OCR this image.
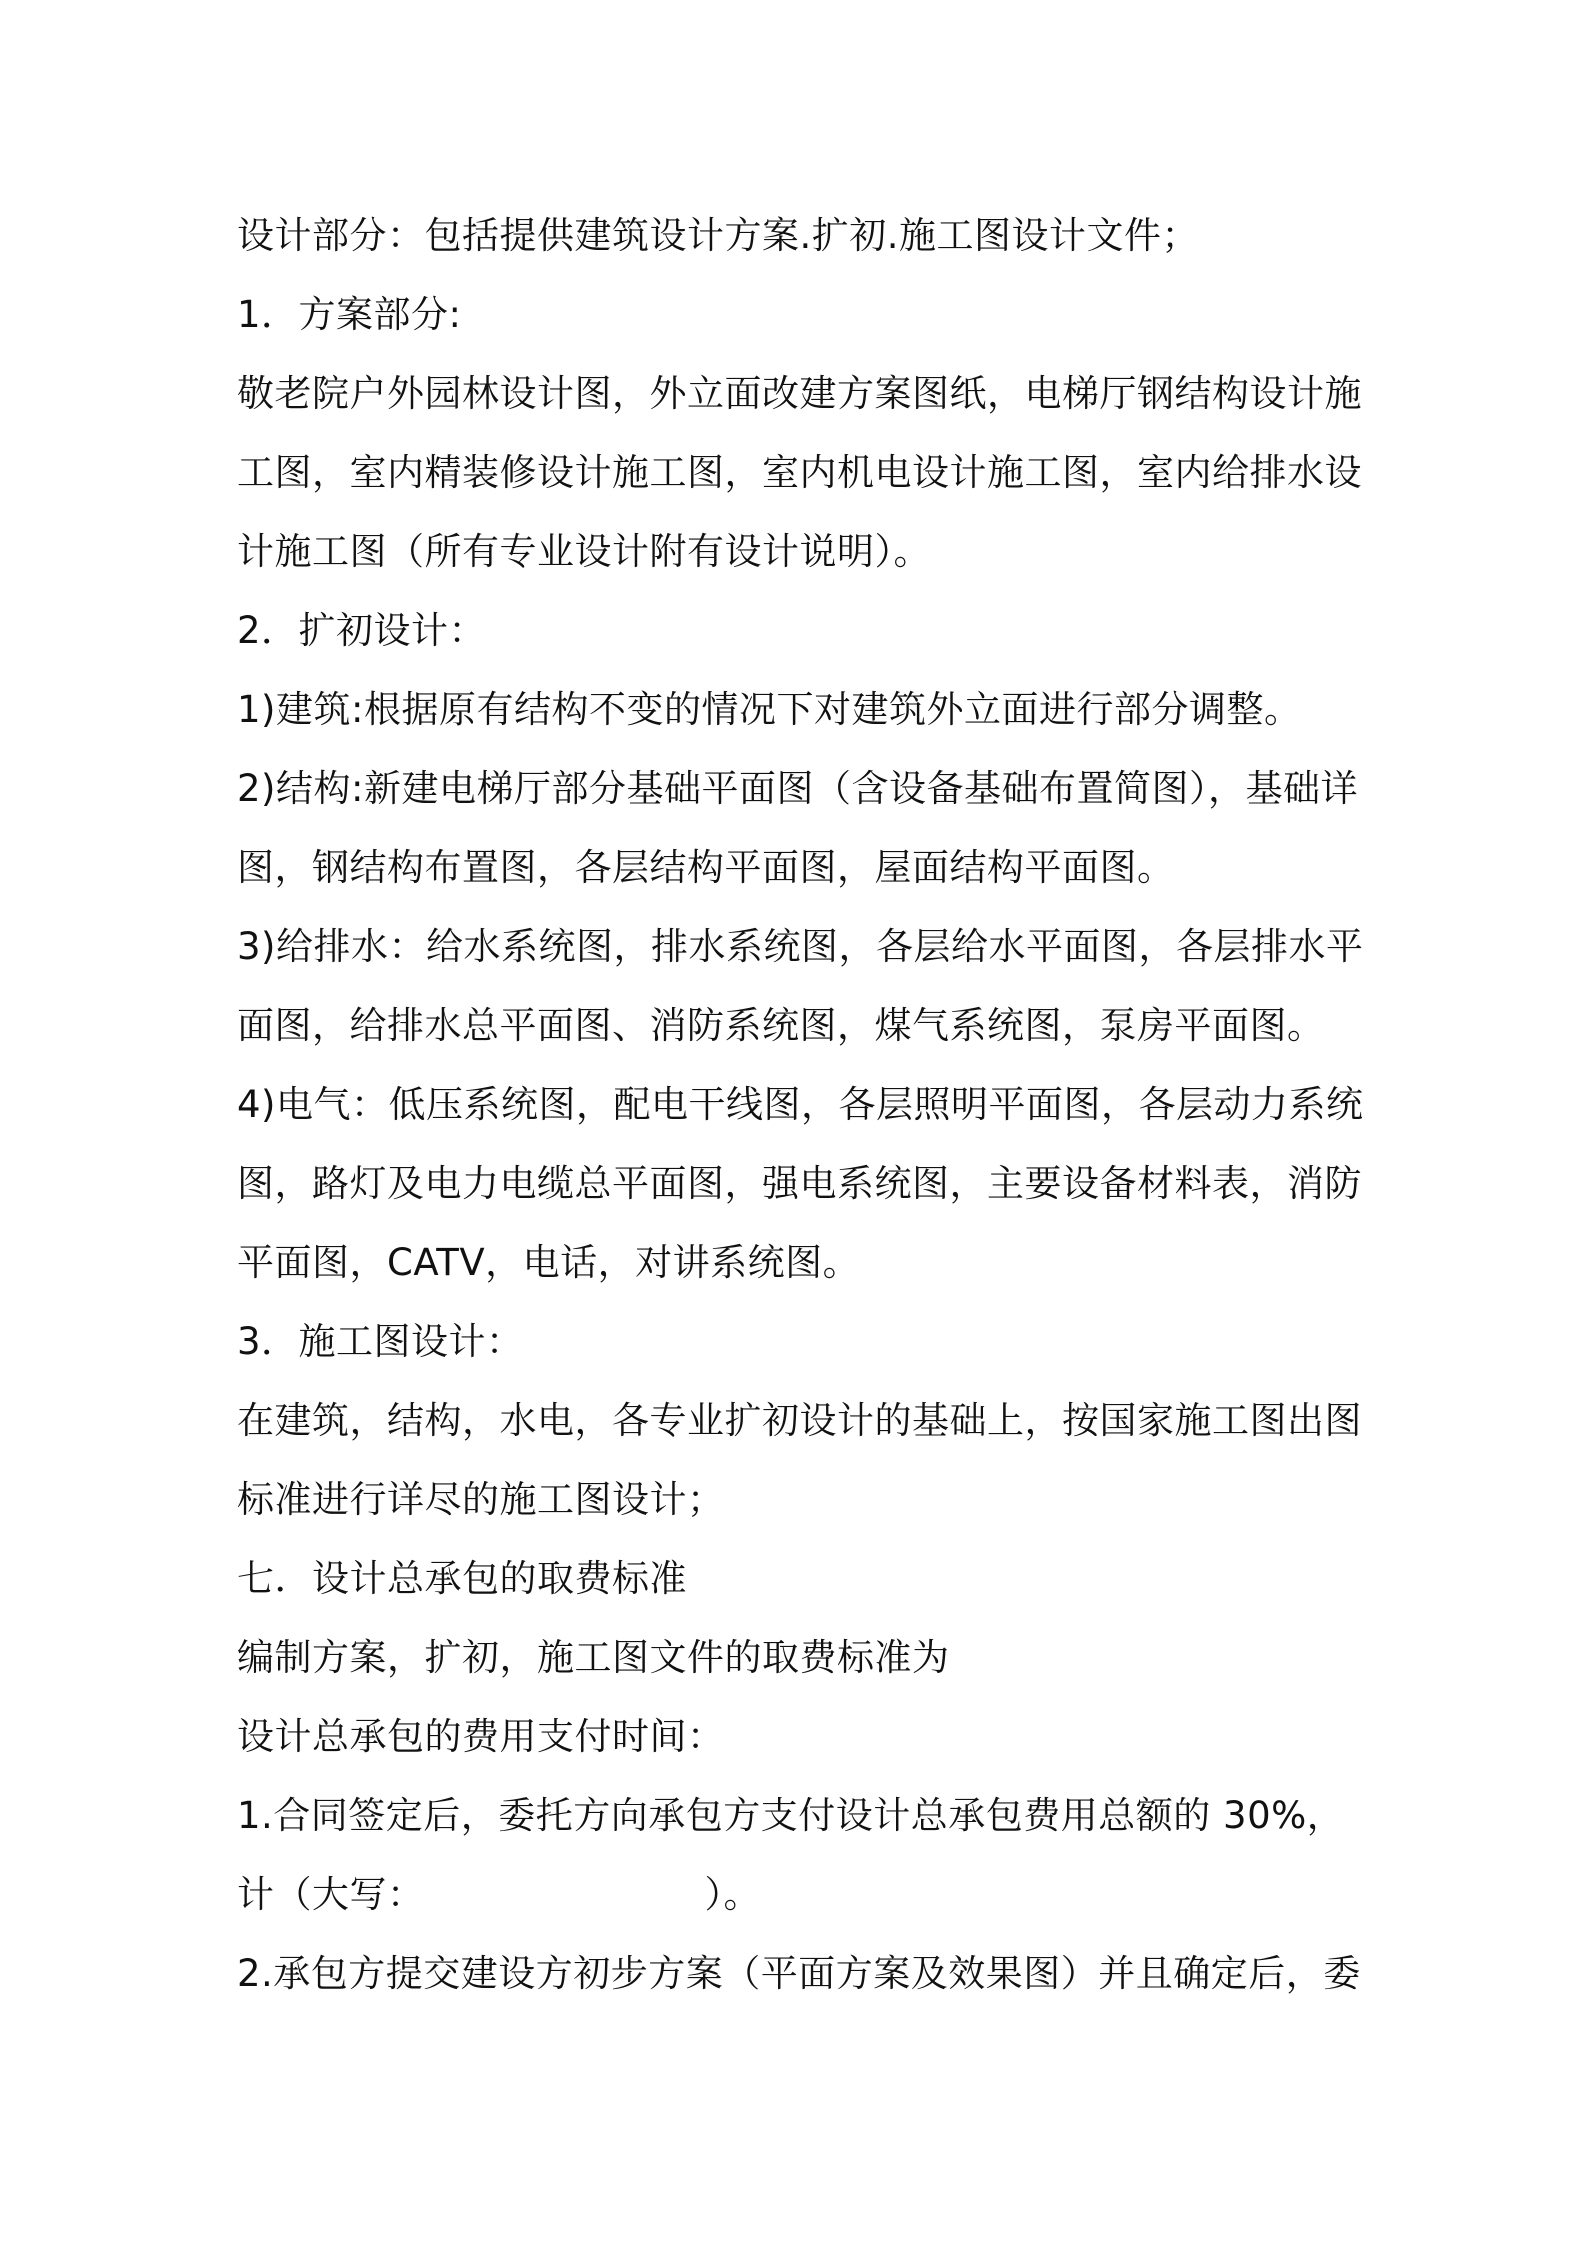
设计部分：包括提供建筑设计方案.扩初.施工图设计文件；
1．方案部分:
敬老院户外园林设计图，外立面改建方案图纸，电梯厅钢结构设计施
工图，室内精装修设计施工图，室内机电设计施工图，室内给排水设
计施工图（所有专业设计附有设计说明）。
2．扩初设计：
1)建筑:根据原有结构不变的情况下对建筑外立面进行部分调整。
2)结构:新建电梯厅部分基础平面图（含设备基础布置简图），基础详
图，钢结构布置图，各层结构平面图，屋面结构平面图。
3)给排水：给水系统图，排水系统图，各层给水平面图，各层排水平
面图，给排水总平面图、消防系统图，煤气系统图，泵房平面图。
4)电气：低压系统图，配电干线图，各层照明平面图，各层动力系统
图，路灯及电力电缆总平面图，强电系统图，主要设备材料表，消防
平面图，CATV，电话，对讲系统图。
3．施工图设计：
在建筑，结构，水电，各专业扩初设计的基础上，按国家施工图出图
标准进行详尽的施工图设计；
七．设计总承包的取费标准
编制方案，扩初，施工图文件的取费标准为
设计总承包的费用支付时间：
1.合同签定后，委托方向承包方支付设计总承包费用总额的 30%，
计（大写：	）。
2.承包方提交建设方初步方案（平面方案及效果图）并且确定后，委
